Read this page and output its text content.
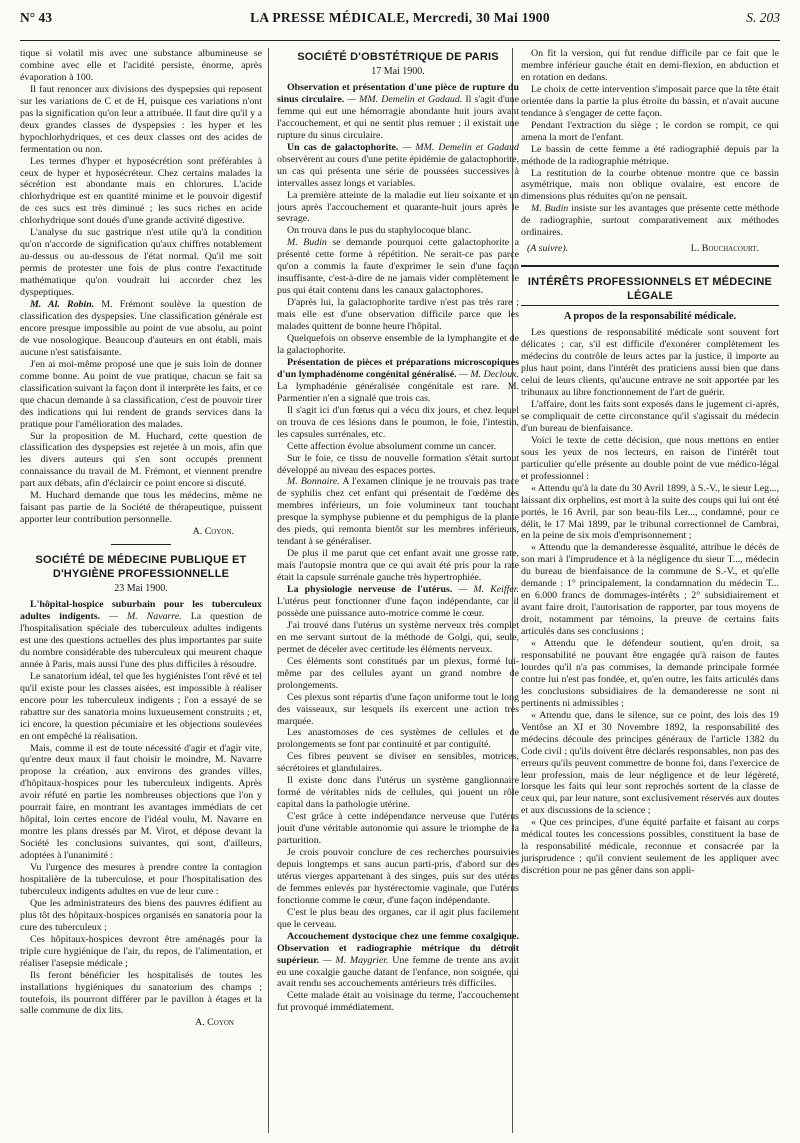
N° 43	LA PRESSE MÉDICALE, Mercredi, 30 Mai 1900	S. 203

tique si volatil mis avec une substance albumineuse se combine avec elle et l'acidité persiste, énorme, après évaporation à 100.

Il faut renoncer aux divisions des dyspepsies qui reposent sur les variations de C et de H, puisque ces variations n'ont pas la signification qu'on leur a attribuée. Il faut dire qu'il y a deux grandes classes de dyspepsies : les hyper et les hypochlorhydriques, et ces deux classes ont des acides de fermentation ou non.

Les termes d'hyper et hyposécrétion sont préférables à ceux de hyper et hyposécréteur. Chez certains malades la sécrétion est abondante mais en chlorures. L'acide chlorhydrique est en quantité minime et le pouvoir digestif de ces sucs est très diminué ; les sucs riches en acide chlorhydrique sont doués d'une grande activité digestive.

L'analyse du suc gastrique n'est utile qu'à la condition qu'on n'accorde de signification qu'aux chiffres notablement au-dessus ou au-dessous de l'état normal. Qu'il me soit permis de protester une fois de plus contre l'exactitude mathématique qu'on voudrait lui accorder chez les dyspeptiques.

M. Al. Robin. M. Frémont soulève la question de classification des dyspepsies. Une classification générale est encore presque impossible au point de vue absolu, au point de vue nosologique. Beaucoup d'auteurs en ont établi, mais aucune n'est satisfaisante.

J'en ai moi-même proposé une que je suis loin de donner comme bonne. Au point de vue pratique, chacun se fait sa classification suivant la façon dont il interprète les faits, et ce que chacun demande à sa classification, c'est de pouvoir tirer des indications qui lui rendent de grands services dans la pratique pour l'amélioration des malades.

Sur la proposition de M. Huchard, cette question de classification des dyspepsies est rejetée à un mois, afin que les divers auteurs qui s'en sont occupés prennent connaissance du travail de M. Frémont, et viennent prendre part aux débats, afin d'éclaircir ce point encore si discuté.

M. Huchard demande que tous les médecins, même ne faisant pas partie de la Société de thérapeutique, puissent apporter leur contribution personnelle.

A. Coyon.

SOCIÉTÉ DE MÉDECINE PUBLIQUE ET D'HYGIÈNE PROFESSIONNELLE
23 Mai 1900.

L'hôpital-hospice suburbain pour les tuberculeux adultes indigents. — M. Navarre. La question de l'hospitalisation spéciale des tuberculeux adultes indigents est une des questions actuelles des plus importantes par suite du nombre considérable des tuberculeux qui meurent chaque année à Paris, mais aussi l'une des plus difficiles à résoudre.

Le sanatorium idéal, tel que les hygiénistes l'ont rêvé et tel qu'il existe pour les classes aisées, est impossible à réaliser encore pour les tuberculeux indigents ; l'on a essayé de se rabattre sur des sanatoria moins luxueusement construits ; et, ici encore, la question pécuniaire et les objections soulevées en ont empêché la réalisation.

Mais, comme il est de toute nécessité d'agir et d'agir vite, qu'entre deux maux il faut choisir le moindre, M. Navarre propose la création, aux environs des grandes villes, d'hôpitaux-hospices pour les tuberculeux indigents. Après avoir réfuté en partie les nombreuses objections que l'on y pourrait faire, en montrant les avantages immédiats de cet hôpital, loin certes encore de l'idéal voulu, M. Navarre en montre les plans dressés par M. Virot, et dépose devant la Société les conclusions suivantes, qui sont, d'ailleurs, adoptées à l'unanimité :

Vu l'urgence des mesures à prendre contre la contagion hospitalière de la tuberculose, et pour l'hospitalisation des tuberculeux indigents adultes en vue de leur cure :

Que les administrateurs des biens des pauvres édifient au plus tôt des hôpitaux-hospices organisés en sanatoria pour la cure des tuberculeux ;

Ces hôpitaux-hospices devront être aménagés pour la triple cure hygiénique de l'air, du repos, de l'alimentation, et réaliser l'asepsie médicale ;

Ils feront bénéficier les hospitalisés de toutes les installations hygiéniques du sanatorium des champs ; toutefois, ils pourront différer par le pavillon à étages et la salle commune de dix lits.

A. Coyon

SOCIÉTÉ D'OBSTÉTRIQUE DE PARIS
17 Mai 1900.

Observation et présentation d'une pièce de rupture du sinus circulaire. — MM. Demelin et Gadaud. Il s'agit d'une femme qui eut une hémorragie abondante huit jours avant l'accouchement, et qui ne sentit plus remuer ; il existait une rupture du sinus circulaire.

Un cas de galactophorite. — MM. Demelin et Gadaud observèrent au cours d'une petite épidémie de galactophorite, un cas qui présenta une série de poussées successives à intervalles assez longs et variables.

La première atteinte de la maladie eut lieu soixante et un jours après l'accouchement et quarante-huit jours après le sevrage.

On trouva dans le pus du staphylocoque blanc.

M. Budin se demande pourquoi cette galactophorite a présenté cette forme à répétition. Ne serait-ce pas parce qu'on a commis la faute d'exprimer le sein d'une façon insuffisante, c'est-à-dire de ne jamais vider complètement le pus qui était contenu dans les canaux galactophores.

D'après lui, la galactophorite tardive n'est pas très rare ; mais elle est d'une observation difficile parce que les malades quittent de bonne heure l'hôpital.

Quelquefois on observe ensemble de la lymphangite et de la galactophorite.

Présentation de pièces et préparations microscopiques d'un lymphadénome congénital généralisé. — M. Decloux. La lymphadénie généralisée congénitale est rare. M. Parmentier n'en a signalé que trois cas.

Il s'agit ici d'un fœtus qui a vécu dix jours, et chez lequel on trouva de ces lésions dans le poumon, le foie, l'intestin, les capsules surrénales, etc.

Cette affection évolue absolument comme un cancer.

Sur le foie, ce tissu de nouvelle formation s'était surtout développé au niveau des espaces portes.

M. Bonnaire. A l'examen clinique je ne trouvais pas trace de syphilis chez cet enfant qui présentait de l'œdème des membres inférieurs, un foie volumineux tant touchant presque la symphyse pubienne et du pemphigus de la plante des pieds, qui remonta bientôt sur les membres inférieurs, tendant à se généraliser.

De plus il me parut que cet enfant avait une grosse rate, mais l'autopsie montra que ce qui avait été pris pour la rate était la capsule surrénale gauche très hypertrophiée.

La physiologie nerveuse de l'utérus. — M. Keiffer. L'utérus peut fonctionner d'une façon indépendante, car il possède une puissance auto-motrice comme le cœur.

J'ai trouvé dans l'utérus un système nerveux très complet en me servant surtout de la méthode de Golgi, qui, seule, permet de déceler avec certitude les éléments nerveux.

Ces éléments sont constitués par un plexus, formé lui-même par des cellules ayant un grand nombre de prolongements.

Ces plexus sont répartis d'une façon uniforme tout le long des vaisseaux, sur lesquels ils exercent une action très marquée.

Les anastomoses de ces systèmes de cellules et de prolongements se font par continuité et par contiguïté.

Ces fibres peuvent se diviser en sensibles, motrices, sécrétoires et glandulaires.

Il existe donc dans l'utérus un système ganglionnaire formé de véritables nids de cellules, qui jouent un rôle capital dans la pathologie utérine.

C'est grâce à cette indépendance nerveuse que l'utérus jouit d'une véritable autonomie qui assure le triomphe de la parturition.

Je crois pouvoir conclure de ces recherches poursuivies depuis longtemps et sans aucun parti-pris, d'abord sur des utérus vierges appartenant à des singes, puis sur des utérus de femmes enlevés par hystérectomie vaginale, que l'utérus fonctionne comme le cœur, d'une façon indépendante.

C'est le plus beau des organes, car il agit plus facilement que le cerveau.

Accouchement dystocique chez une femme coxalgique. Observation et radiographie métrique du détroit supérieur. — M. Maygrier. Une femme de trente ans avait eu une coxalgie gauche datant de l'enfance, non soignée, qui avait rendu ses accouchements antérieurs très difficiles.

Cette malade était au voisinage du terme, l'accouchement fut provoqué immédiatement.

On fit la version, qui fut rendue difficile par ce fait que le membre inférieur gauche était en demi-flexion, en abduction et en rotation en dedans.

Le choix de cette intervention s'imposait parce que la tête était orientée dans la partie la plus étroite du bassin, et n'avait aucune tendance à s'engager de cette façon.

Pendant l'extraction du siège ; le cordon se rompit, ce qui amena la mort de l'enfant.

Le bassin de cette femme a été radiographié depuis par la méthode de la radiographie métrique.

La restitution de la courbe obtenue montre que ce bassin asymétrique, mais non oblique ovalaire, est encore de dimensions plus réduites qu'on ne pensait.

M. Budin insiste sur les avantages que présente cette méthode de radiographie, surtout comparativement aux méthodes ordinaires.

(A suivre).	L. Bouchacourt.
INTÉRÊTS PROFESSIONNELS ET MÉDECINE LÉGALE
A propos de la responsabilité médicale.

Les questions de responsabilité médicale sont souvent fort délicates ; car, s'il est difficile d'exonérer complètement les médecins du contrôle de leurs actes par la justice, il importe au plus haut point, dans l'intérêt des praticiens aussi bien que dans celui de leurs clients, qu'aucune entrave ne soit apportée par les tribunaux au libre fonctionnement de l'art de guérir.

L'affaire, dont les faits sont exposés dans le jugement ci-après, se compliquait de cette circonstance qu'il s'agissait du médecin d'un bureau de bienfaisance.

Voici le texte de cette décision, que nous mettons en entier sous les yeux de nos lecteurs, en raison de l'intérêt tout particulier qu'elle présente au double point de vue médico-légal et professionnel :

« Attendu qu'à la date du 30 Avril 1899, à S.-V., le sieur Leg..., laissant dix orphelins, est mort à la suite des coups qui lui ont été portés, le 16 Avril, par son beau-fils Ler..., condamné, pour ce délit, le 17 Mai 1899, par le tribunal correctionnel de Cambrai, en la peine de six mois d'emprisonnement ;

« Attendu que la demanderesse èsqualité, attribue le décès de son mari à l'imprudence et à la négligence du sieur T..., médecin du bureau de bienfaisance de la commune de S.-V., et qu'elle demande : 1° principalement, la condamnation du médecin T... en 6.000 francs de dommages-intérêts ; 2° subsidiairement et avant faire droit, l'autorisation de rapporter, par tous moyens de droit, notamment par témoins, la preuve de certains faits articulés dans ses conclusions ;

« Attendu que le défendeur soutient, qu'en droit, sa responsabilité ne pouvant être engagée qu'à raison de fautes lourdes qu'il n'a pas commises, la demande principale formée contre lui n'est pas fondée, et, qu'en outre, les faits articulés dans les conclusions subsidiaires de la demanderesse ne sont ni pertinents ni admissibles ;

« Attendu que, dans le silence, sur ce point, des lois des 19 Ventôse an XI et 30 Novembre 1892, la responsabilité des médecins découle des principes généraux de l'article 1382 du Code civil ; qu'ils doivent être déclarés responsables, non pas des erreurs qu'ils peuvent commettre de bonne foi, dans l'exercice de leur profession, mais de leur négligence et de leur légèreté, lorsque les faits qui leur sont reprochés sortent de la classe de ceux qui, par leur nature, sont exclusivement réservés aux doutes et aux discussions de la science ;

« Que ces principes, d'une équité parfaite et faisant au corps médical toutes les concessions possibles, constituent la base de la responsabilité médicale, reconnue et consacrée par la jurisprudence ; qu'il convient seulement de les appliquer avec discrétion pour ne pas gêner dans son appli-
